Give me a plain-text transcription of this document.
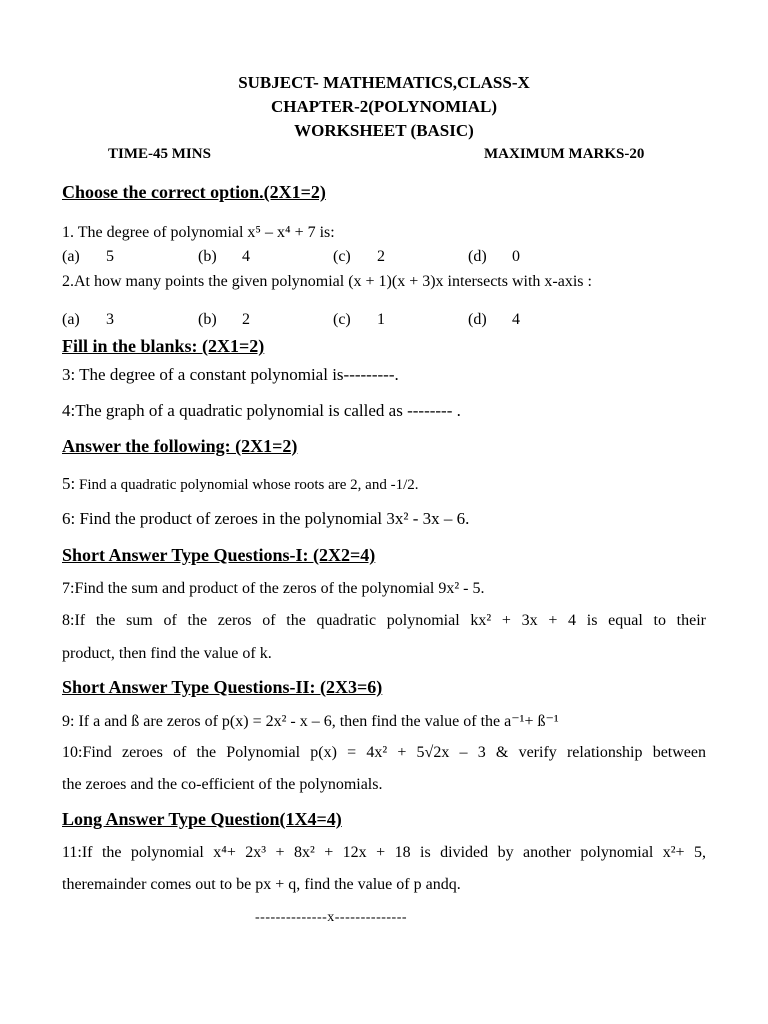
SUBJECT- MATHEMATICS,CLASS-X
CHAPTER-2(POLYNOMIAL)
WORKSHEET (BASIC)
TIME-45 MINS	MAXIMUM MARKS-20
Choose the correct option.(2X1=2)
1. The degree of polynomial x⁵ – x⁴ + 7 is:
(a) 5	(b) 4	(c) 2	(d) 0
2.At how many points the given polynomial (x + 1)(x + 3)x intersects with x-axis :
(a) 3	(b) 2	(c) 1	(d) 4
Fill in the blanks: (2X1=2)
3: The degree of a constant polynomial is---------.
4:The graph of a quadratic polynomial is called as -------- .
Answer the following: (2X1=2)
5: Find a quadratic polynomial whose roots are 2, and -1/2.
6: Find the product of zeroes in the polynomial 3x² - 3x – 6.
Short Answer Type Questions-I: (2X2=4)
7:Find the sum and product of the zeros of the polynomial 9x² - 5.
8:If the sum of the zeros of the quadratic polynomial kx² + 3x + 4 is equal to their
product, then find the value of k.
Short Answer Type Questions-II: (2X3=6)
9: If a and ß are zeros of p(x) = 2x² - x – 6, then find the value of the a⁻¹+ ß⁻¹
10:Find zeroes of the Polynomial p(x) = 4x² + 5√2x – 3 & verify relationship between
the zeroes and the co-efficient of the polynomials.
Long Answer Type Question(1X4=4)
11:If the polynomial x⁴+ 2x³ + 8x² + 12x + 18 is divided by another polynomial x²+ 5,
theremainder comes out to be px + q, find the value of p andq.
--------------x--------------
